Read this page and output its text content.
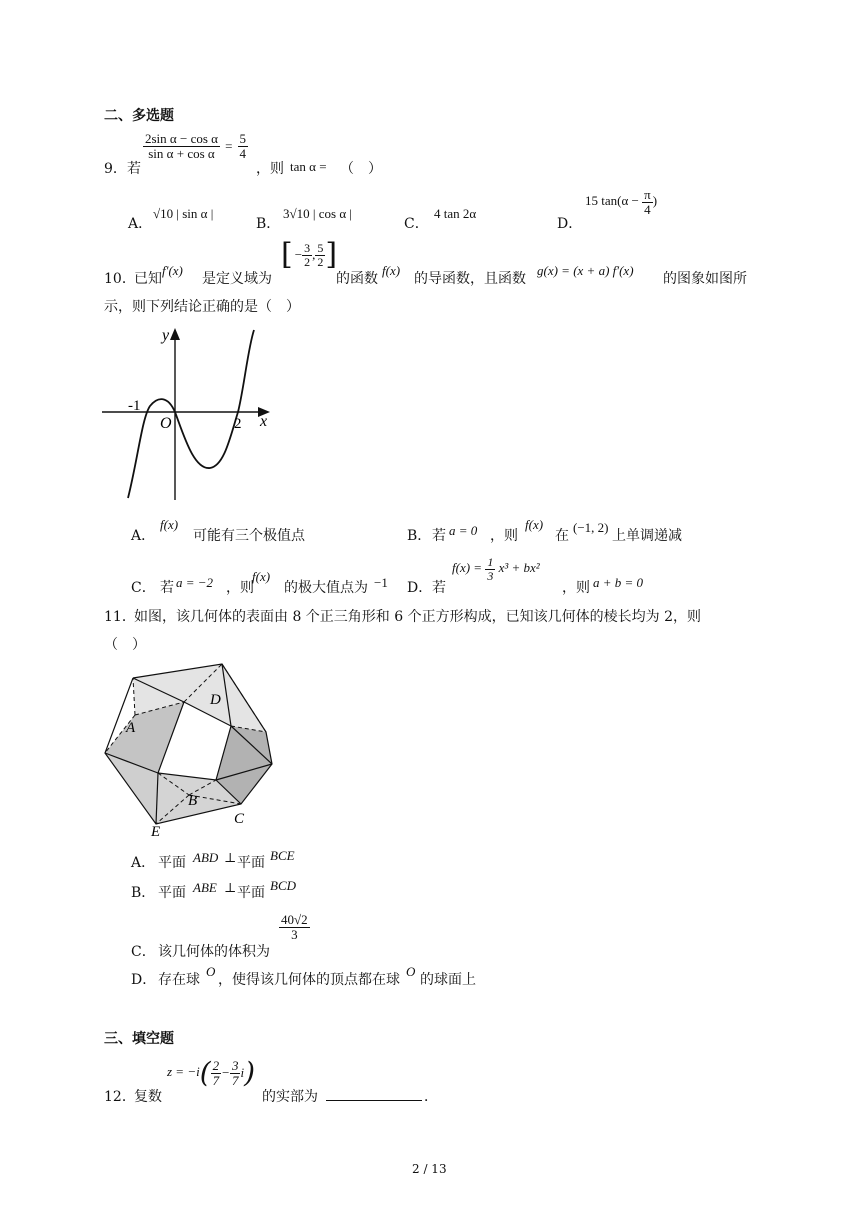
二、多选题
9． 若
$\frac{\text{2sin α − cos α}}{\text{sin α + cos α}} = \frac{5}{4}$
，则 tan α = （　）
A．
√10 | sin α |
B．
3√10 | cos α |
C．
4 tan 2α
D．
15 $\tan(\alpha - \frac{\pi}{4}$ )
10．
已知
f′(x)
是定义域为
[ − $\frac{3}{2}$ , $\frac{5}{2}$ ]
的函数
f(x)
的导函数，且函数
g(x) = (x + a) f′(x)
的图象如图所
示，则下列结论正确的是（　）
y
x
O
-1
2
A．
f(x)
可能有三个极值点	B． 若 a = 0 ，则
f(x)
在
(−1, 2)
上单调递减
C． 若 a = −2 ，则
f(x)
的极大值点为 −1 D． 若
$f(x) = \frac{1}{3} x^3 + bx^2$
，则 a + b = 0
11．
如图，该几何体的表面由 8 个正三角形和 6 个正方形构成，已知该几何体的棱长均为 2，则
（　）
D
A
B
C
E
A． 平面 ABD ⊥ 平面 BCE
B． 平面 ABE ⊥ 平面 BCD
C． 该几何体的体积为
$\frac{40√2}{3}$
D． 存在球
O
，使得该几何体的顶点都在球
O
的球面上
三、填空题
12．
复数
$z = -i( \frac{2}{7} - \frac{3}{7} i)$
的实部为	．
2 / 13
